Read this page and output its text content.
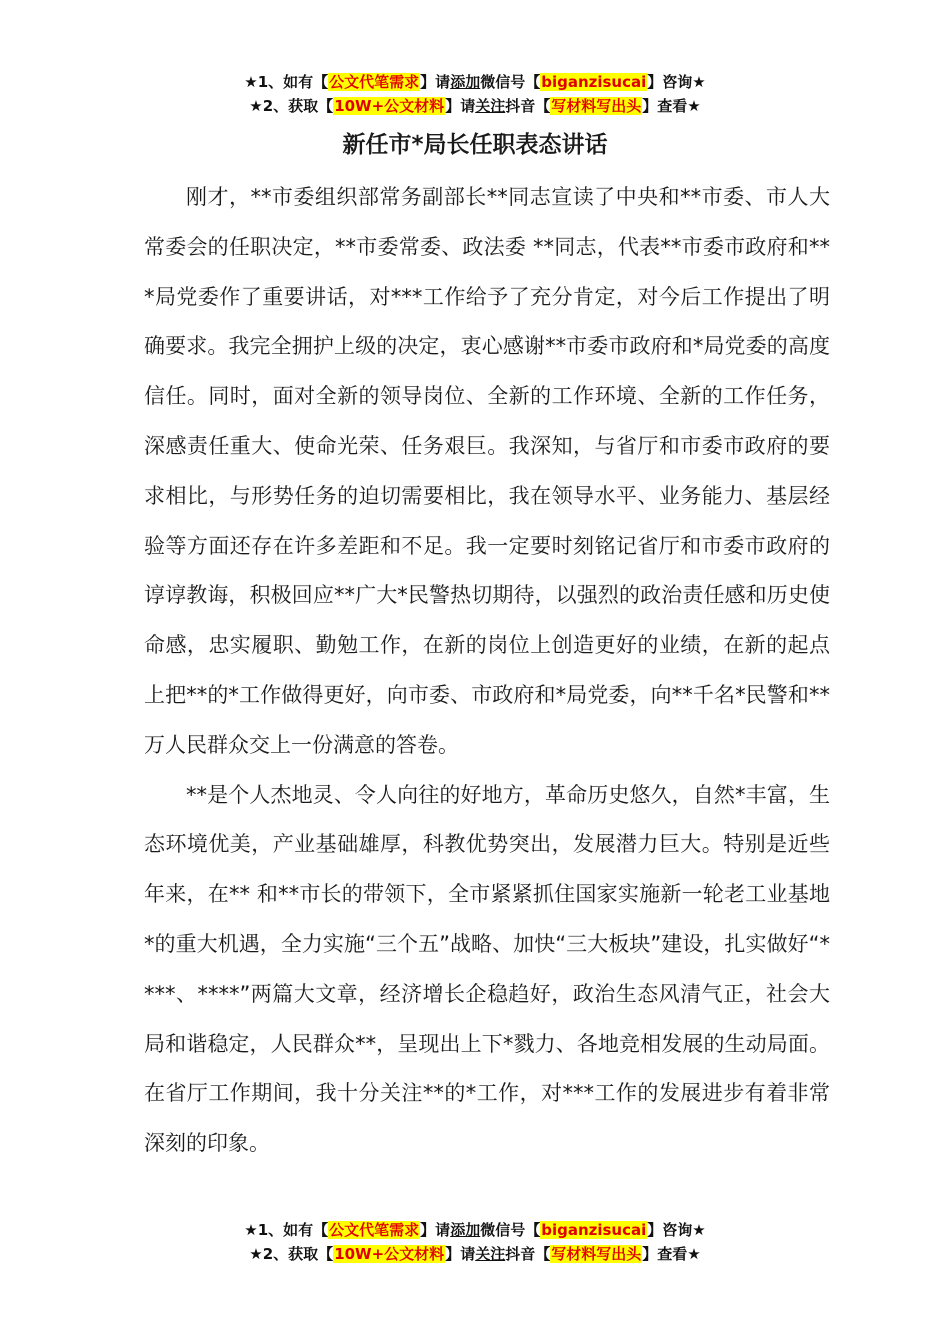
★1、如有【公文代笔需求】请添加微信号【biganzisucai】咨询★
★2、获取【10W+公文材料】请关注抖音【写材料写出头】查看★
新任市*局长任职表态讲话

刚才，**市委组织部常务副部长**同志宣读了中央和**市委、市人大常委会的任职决定，**市委常委、政法委 **同志，代表**市委市政府和***局党委作了重要讲话，对***工作给予了充分肯定，对今后工作提出了明确要求。我完全拥护上级的决定，衷心感谢**市委市政府和*局党委的高度信任。同时，面对全新的领导岗位、全新的工作环境、全新的工作任务，深感责任重大、使命光荣、任务艰巨。我深知，与省厅和市委市政府的要求相比，与形势任务的迫切需要相比，我在领导水平、业务能力、基层经验等方面还存在许多差距和不足。我一定要时刻铭记省厅和市委市政府的谆谆教诲，积极回应**广大*民警热切期待，以强烈的政治责任感和历史使命感，忠实履职、勤勉工作，在新的岗位上创造更好的业绩，在新的起点上把**的*工作做得更好，向市委、市政府和*局党委，向**千名*民警和**万人民群众交上一份满意的答卷。

**是个人杰地灵、令人向往的好地方，革命历史悠久，自然*丰富，生态环境优美，产业基础雄厚，科教优势突出，发展潜力巨大。特别是近些年来，在** 和**市长的带领下，全市紧紧抓住国家实施新一轮老工业基地*的重大机遇，全力实施“三个五”战略、加快“三大板块”建设，扎实做好“****、****”两篇大文章，经济增长企稳趋好，政治生态风清气正，社会大局和谐稳定，人民群众**，呈现出上下*戮力、各地竞相发展的生动局面。在省厅工作期间，我十分关注**的*工作，对***工作的发展进步有着非常深刻的印象。

★1、如有【公文代笔需求】请添加微信号【biganzisucai】咨询★
★2、获取【10W+公文材料】请关注抖音【写材料写出头】查看★
